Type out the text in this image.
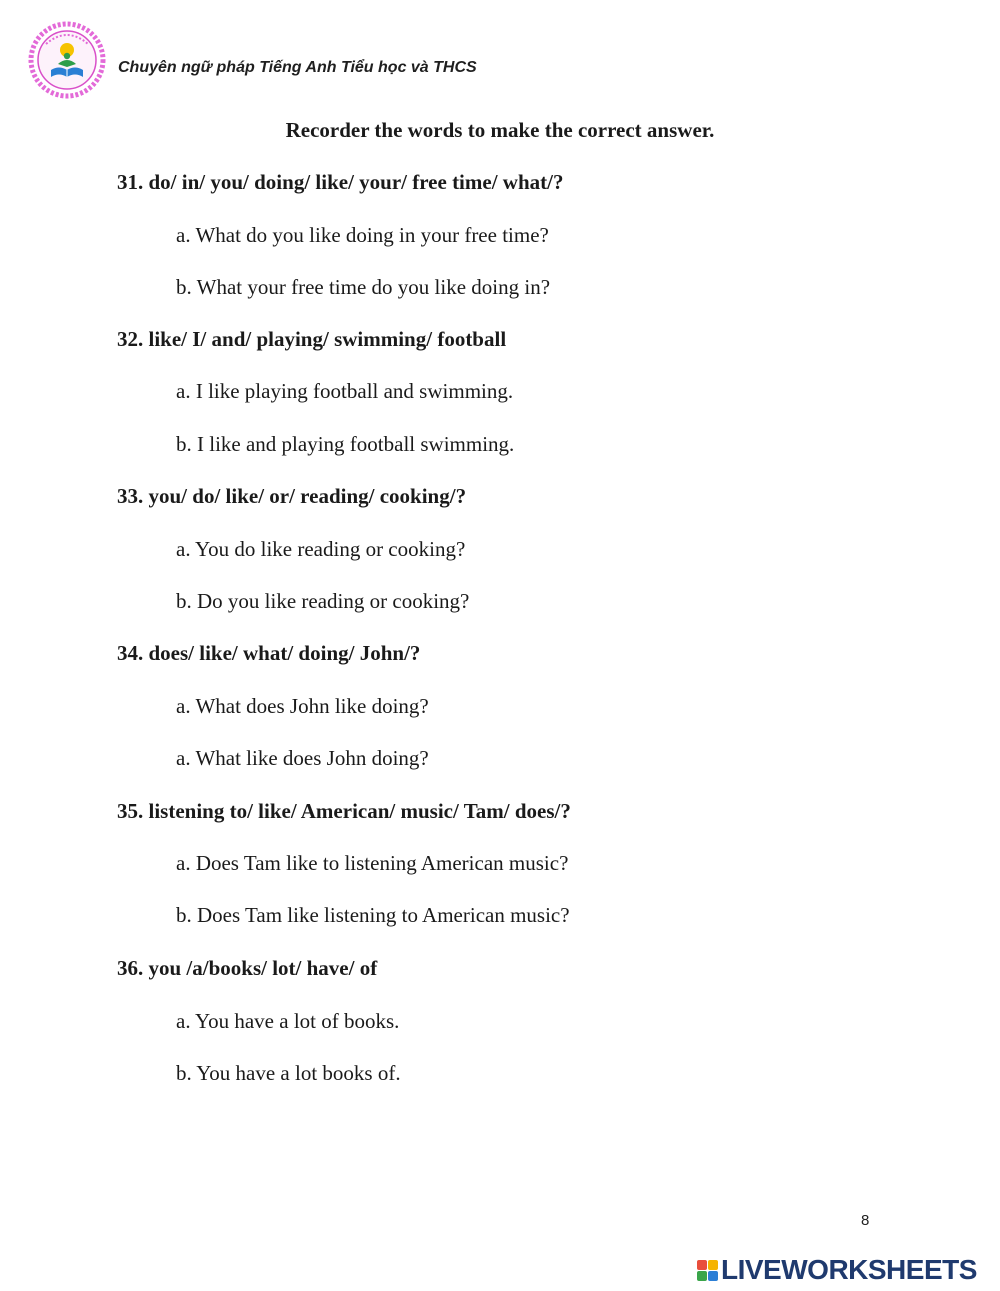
Chuyên ngữ pháp Tiếng Anh Tiểu học và THCS
Recorder the words to make the correct answer.
31. do/ in/ you/ doing/ like/ your/ free time/ what/?
a. What do you like doing in your free time?
b. What your free time do you like doing in?
32. like/ I/ and/ playing/ swimming/ football
a. I like playing football and swimming.
b. I like and playing football swimming.
33. you/ do/ like/ or/ reading/ cooking/?
a. You do like reading or cooking?
b. Do you like reading or cooking?
34. does/ like/ what/ doing/ John/?
a. What does John like doing?
a. What like does John doing?
35. listening to/ like/ American/ music/ Tam/ does/?
a. Does Tam like to listening American music?
b. Does Tam like listening to American music?
36. you /a/books/ lot/ have/ of
a. You have a lot of books.
b. You have a lot books of.
8
LIVEWORKSHEETS
